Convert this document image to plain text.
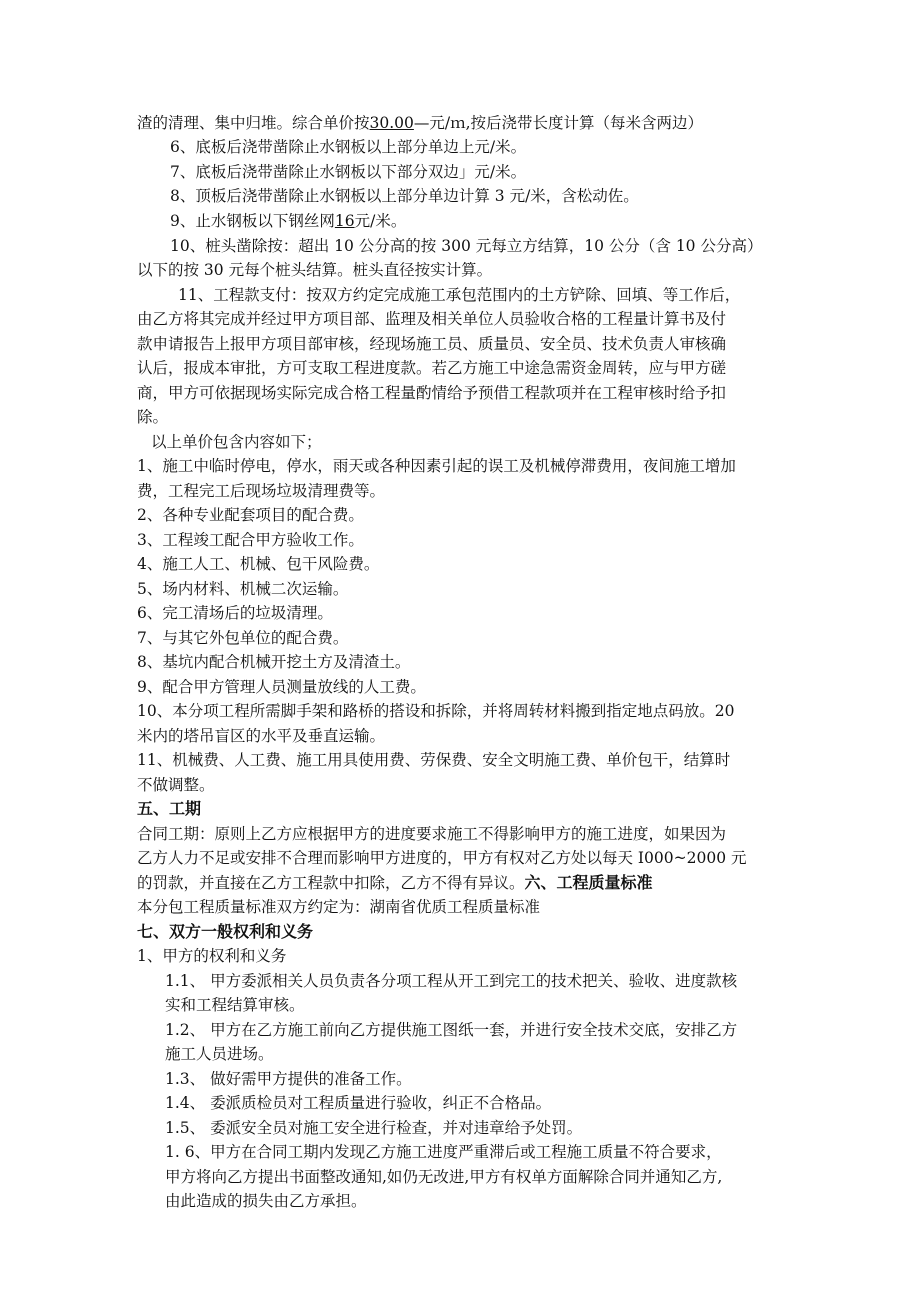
渣的清理、集中归堆。综合单价按30.00—元/ｍ,按后浇带长度计算（每米含两边）
6、底板后浇带凿除止水钢板以上部分单边上元/米。
7、底板后浇带凿除止水钢板以下部分双边」元/米。
8、顶板后浇带凿除止水钢板以上部分单边计算 3 元/米，含松动佐。
9、止水钢板以下钢丝网16元/米。
10、桩头凿除按：超出 10 公分高的按 300 元每立方结算，10 公分（含 10 公分高）
以下的按 30 元每个桩头结算。桩头直径按实计算。
11、工程款支付：按双方约定完成施工承包范围内的土方铲除、回填、等工作后，
由乙方将其完成并经过甲方项目部、监理及相关单位人员验收合格的工程量计算书及付
款申请报告上报甲方项目部审核，经现场施工员、质量员、安全员、技术负责人审核确
认后，报成本审批，方可支取工程进度款。若乙方施工中途急需资金周转，应与甲方磋
商，甲方可依据现场实际完成合格工程量酌情给予预借工程款项并在工程审核时给予扣
除。
以上单价包含内容如下；
1、施工中临时停电，停水，雨天或各种因素引起的误工及机械停滞费用，夜间施工增加
费，工程完工后现场垃圾清理费等。
2、各种专业配套项目的配合费。
3、工程竣工配合甲方验收工作。
4、施工人工、机械、包干风险费。
5、场内材料、机械二次运输。
6、完工清场后的垃圾清理。
7、与其它外包单位的配合费。
8、基坑内配合机械开挖土方及清渣土。
9、配合甲方管理人员测量放线的人工费。
10、本分项工程所需脚手架和路桥的搭设和拆除，并将周转材料搬到指定地点码放。20
米内的塔吊盲区的水平及垂直运输。
11、机械费、人工费、施工用具使用费、劳保费、安全文明施工费、单价包干，结算时
不做调整。
五、工期
合同工期：原则上乙方应根据甲方的进度要求施工不得影响甲方的施工进度，如果因为
乙方人力不足或安排不合理而影响甲方进度的，甲方有权对乙方处以每天 I000~2000 元
的罚款，并直接在乙方工程款中扣除，乙方不得有异议。六、工程质量标准
本分包工程质量标准双方约定为：湖南省优质工程质量标准
七、双方一般权利和义务
1、甲方的权利和义务
1.1、 甲方委派相关人员负责各分项工程从开工到完工的技术把关、验收、进度款核
实和工程结算审核。
1.2、 甲方在乙方施工前向乙方提供施工图纸一套，并进行安全技术交底，安排乙方
施工人员进场。
1.3、 做好需甲方提供的准备工作。
1.4、 委派质检员对工程质量进行验收，纠正不合格品。
1.5、 委派安全员对施工安全进行检查，并对违章给予处罚。
1. 6、甲方在合同工期内发现乙方施工进度严重滞后或工程施工质量不符合要求，
甲方将向乙方提出书面整改通知,如仍无改进,甲方有权单方面解除合同并通知乙方,
由此造成的损失由乙方承担。
